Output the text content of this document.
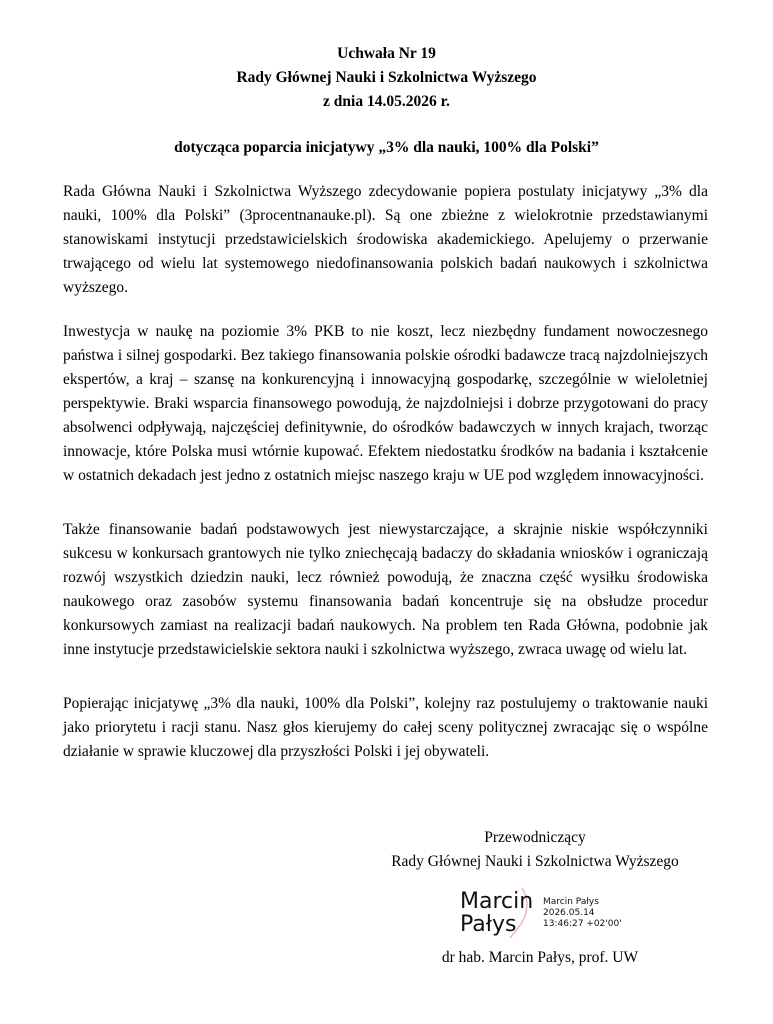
Uchwała Nr 19
Rady Głównej Nauki i Szkolnictwa Wyższego
z dnia 14.05.2026 r.
dotycząca poparcia inicjatywy „3% dla nauki, 100% dla Polski”

Rada Główna Nauki i Szkolnictwa Wyższego zdecydowanie popiera postulaty inicjatywy „3% dla nauki, 100% dla Polski” (3procentnanauke.pl). Są one zbieżne z wielokrotnie przedstawianymi stanowiskami instytucji przedstawicielskich środowiska akademickiego. Apelujemy o przerwanie trwającego od wielu lat systemowego niedofinansowania polskich badań naukowych i szkolnictwa wyższego.

Inwestycja w naukę na poziomie 3% PKB to nie koszt, lecz niezbędny fundament nowoczesnego państwa i silnej gospodarki. Bez takiego finansowania polskie ośrodki badawcze tracą najzdolniejszych ekspertów, a kraj – szansę na konkurencyjną i innowacyjną gospodarkę, szczególnie w wieloletniej perspektywie. Braki wsparcia finansowego powodują, że najzdolniejsi i dobrze przygotowani do pracy absolwenci odpływają, najczęściej definitywnie, do ośrodków badawczych w innych krajach, tworząc innowacje, które Polska musi wtórnie kupować. Efektem niedostatku środków na badania i kształcenie w ostatnich dekadach jest jedno z ostatnich miejsc naszego kraju w UE pod względem innowacyjności.

Także finansowanie badań podstawowych jest niewystarczające, a skrajnie niskie współczynniki sukcesu w konkursach grantowych nie tylko zniechęcają badaczy do składania wniosków i ograniczają rozwój wszystkich dziedzin nauki, lecz również powodują, że znaczna część wysiłku środowiska naukowego oraz zasobów systemu finansowania badań koncentruje się na obsłudze procedur konkursowych zamiast na realizacji badań naukowych. Na problem ten Rada Główna, podobnie jak inne instytucje przedstawicielskie sektora nauki i szkolnictwa wyższego, zwraca uwagę od wielu lat.

Popierając inicjatywę „3% dla nauki, 100% dla Polski”, kolejny raz postulujemy o traktowanie nauki jako priorytetu i racji stanu. Nasz głos kierujemy do całej sceny politycznej zwracając się o wspólne działanie w sprawie kluczowej dla przyszłości Polski i jej obywateli.

Przewodniczący
Rady Głównej Nauki i Szkolnictwa Wyższego
Marcin
Pałys
Marcin Pałys
2026.05.14
13:46:27 +02'00'
dr hab. Marcin Pałys, prof. UW
